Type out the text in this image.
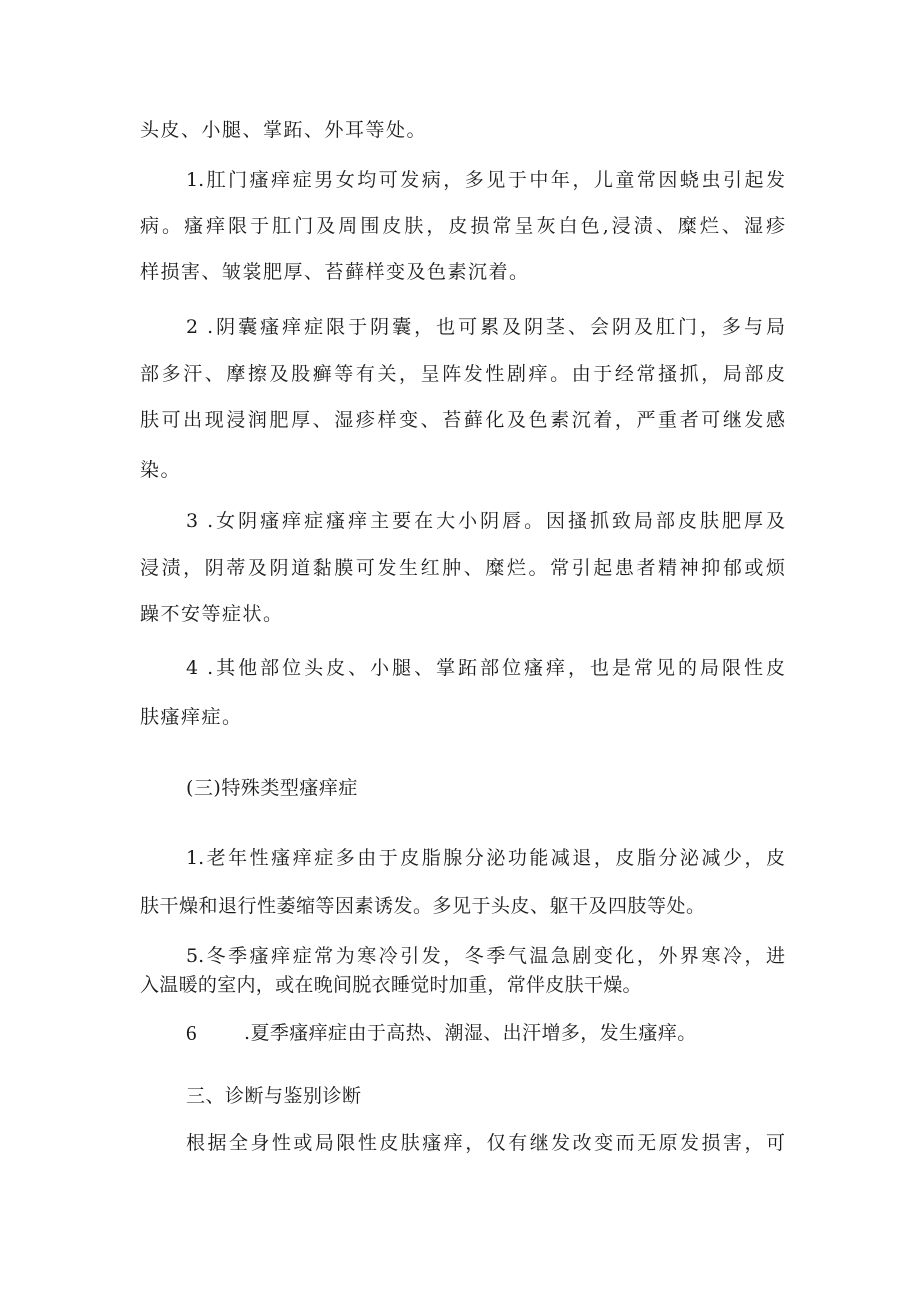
头皮、小腿、掌跖、外耳等处。
1.肛门瘙痒症男女均可发病，多见于中年，儿童常因蛲虫引起发
病。瘙痒限于肛门及周围皮肤，皮损常呈灰白色,浸渍、糜烂、湿疹
样损害、皱裳肥厚、苔藓样变及色素沉着。
2 .阴囊瘙痒症限于阴囊，也可累及阴茎、会阴及肛门，多与局
部多汗、摩擦及股癣等有关，呈阵发性剧痒。由于经常搔抓，局部皮
肤可出现浸润肥厚、湿疹样变、苔藓化及色素沉着，严重者可继发感
染。
3 .女阴瘙痒症瘙痒主要在大小阴唇。因搔抓致局部皮肤肥厚及
浸渍，阴蒂及阴道黏膜可发生红肿、糜烂。常引起患者精神抑郁或烦
躁不安等症状。
4 .其他部位头皮、小腿、掌跖部位瘙痒，也是常见的局限性皮
肤瘙痒症。
(三)特殊类型瘙痒症
1.老年性瘙痒症多由于皮脂腺分泌功能减退，皮脂分泌减少，皮
肤干燥和退行性萎缩等因素诱发。多见于头皮、躯干及四肢等处。
5.冬季瘙痒症常为寒冷引发，冬季气温急剧变化，外界寒冷，进
入温暖的室内，或在晚间脱衣睡觉时加重，常伴皮肤干燥。
6	.夏季瘙痒症由于高热、潮湿、出汗增多，发生瘙痒。
三、诊断与鉴别诊断
根据全身性或局限性皮肤瘙痒，仅有继发改变而无原发损害，可
